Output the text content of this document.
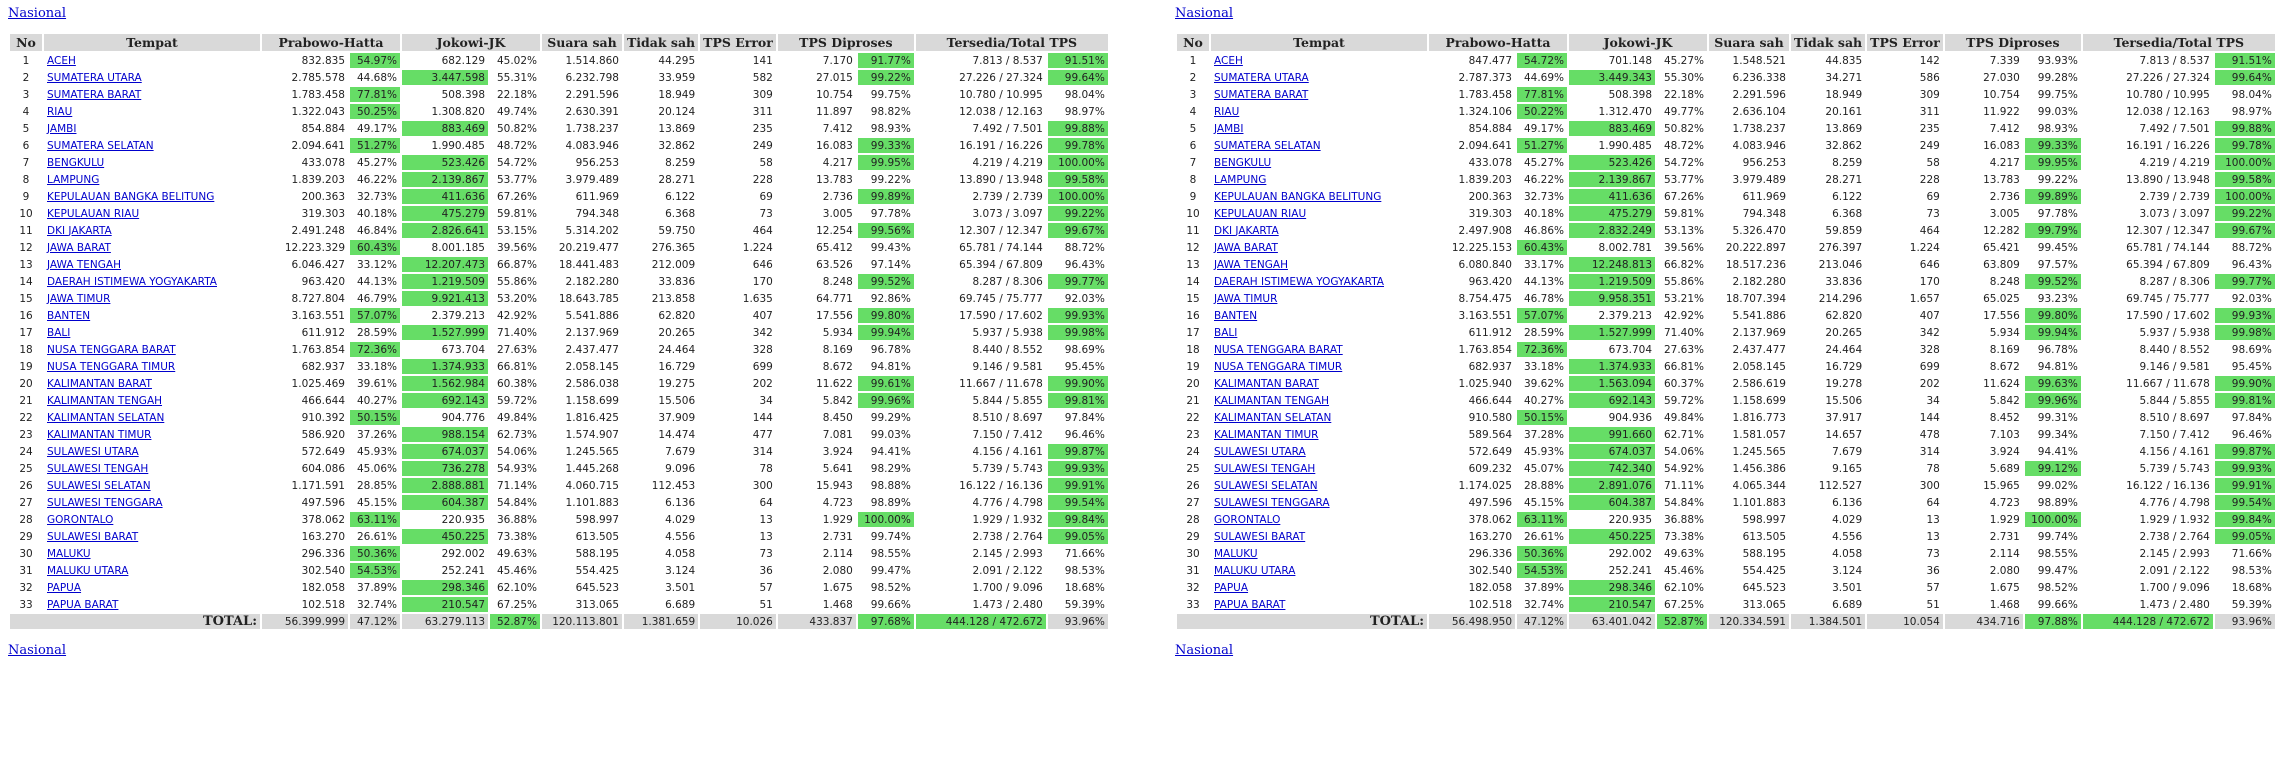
Nasional
No	Tempat	Prabowo-Hatta		Jokowi-JK		Suara sah	Tidak sah	TPS Error	TPS Diproses		Tersedia/Total TPS	
1	ACEH	832.835	54.97%	682.129	45.02%	1.514.860	44.295	141	7.170	91.77%	7.813 / 8.537	91.51%
2	SUMATERA UTARA	2.785.578	44.68%	3.447.598	55.31%	6.232.798	33.959	582	27.015	99.22%	27.226 / 27.324	99.64%
3	SUMATERA BARAT	1.783.458	77.81%	508.398	22.18%	2.291.596	18.949	309	10.754	99.75%	10.780 / 10.995	98.04%
4	RIAU	1.322.043	50.25%	1.308.820	49.74%	2.630.391	20.124	311	11.897	98.82%	12.038 / 12.163	98.97%
5	JAMBI	854.884	49.17%	883.469	50.82%	1.738.237	13.869	235	7.412	98.93%	7.492 / 7.501	99.88%
6	SUMATERA SELATAN	2.094.641	51.27%	1.990.485	48.72%	4.083.946	32.862	249	16.083	99.33%	16.191 / 16.226	99.78%
7	BENGKULU	433.078	45.27%	523.426	54.72%	956.253	8.259	58	4.217	99.95%	4.219 / 4.219	100.00%
8	LAMPUNG	1.839.203	46.22%	2.139.867	53.77%	3.979.489	28.271	228	13.783	99.22%	13.890 / 13.948	99.58%
9	KEPULAUAN BANGKA BELITUNG	200.363	32.73%	411.636	67.26%	611.969	6.122	69	2.736	99.89%	2.739 / 2.739	100.00%
10	KEPULAUAN RIAU	319.303	40.18%	475.279	59.81%	794.348	6.368	73	3.005	97.78%	3.073 / 3.097	99.22%
11	DKI JAKARTA	2.491.248	46.84%	2.826.641	53.15%	5.314.202	59.750	464	12.254	99.56%	12.307 / 12.347	99.67%
12	JAWA BARAT	12.223.329	60.43%	8.001.185	39.56%	20.219.477	276.365	1.224	65.412	99.43%	65.781 / 74.144	88.72%
13	JAWA TENGAH	6.046.427	33.12%	12.207.473	66.87%	18.441.483	212.009	646	63.526	97.14%	65.394 / 67.809	96.43%
14	DAERAH ISTIMEWA YOGYAKARTA	963.420	44.13%	1.219.509	55.86%	2.182.280	33.836	170	8.248	99.52%	8.287 / 8.306	99.77%
15	JAWA TIMUR	8.727.804	46.79%	9.921.413	53.20%	18.643.785	213.858	1.635	64.771	92.86%	69.745 / 75.777	92.03%
16	BANTEN	3.163.551	57.07%	2.379.213	42.92%	5.541.886	62.820	407	17.556	99.80%	17.590 / 17.602	99.93%
17	BALI	611.912	28.59%	1.527.999	71.40%	2.137.969	20.265	342	5.934	99.94%	5.937 / 5.938	99.98%
18	NUSA TENGGARA BARAT	1.763.854	72.36%	673.704	27.63%	2.437.477	24.464	328	8.169	96.78%	8.440 / 8.552	98.69%
19	NUSA TENGGARA TIMUR	682.937	33.18%	1.374.933	66.81%	2.058.145	16.729	699	8.672	94.81%	9.146 / 9.581	95.45%
20	KALIMANTAN BARAT	1.025.469	39.61%	1.562.984	60.38%	2.586.038	19.275	202	11.622	99.61%	11.667 / 11.678	99.90%
21	KALIMANTAN TENGAH	466.644	40.27%	692.143	59.72%	1.158.699	15.506	34	5.842	99.96%	5.844 / 5.855	99.81%
22	KALIMANTAN SELATAN	910.392	50.15%	904.776	49.84%	1.816.425	37.909	144	8.450	99.29%	8.510 / 8.697	97.84%
23	KALIMANTAN TIMUR	586.920	37.26%	988.154	62.73%	1.574.907	14.474	477	7.081	99.03%	7.150 / 7.412	96.46%
24	SULAWESI UTARA	572.649	45.93%	674.037	54.06%	1.245.565	7.679	314	3.924	94.41%	4.156 / 4.161	99.87%
25	SULAWESI TENGAH	604.086	45.06%	736.278	54.93%	1.445.268	9.096	78	5.641	98.29%	5.739 / 5.743	99.93%
26	SULAWESI SELATAN	1.171.591	28.85%	2.888.881	71.14%	4.060.715	112.453	300	15.943	98.88%	16.122 / 16.136	99.91%
27	SULAWESI TENGGARA	497.596	45.15%	604.387	54.84%	1.101.883	6.136	64	4.723	98.89%	4.776 / 4.798	99.54%
28	GORONTALO	378.062	63.11%	220.935	36.88%	598.997	4.029	13	1.929	100.00%	1.929 / 1.932	99.84%
29	SULAWESI BARAT	163.270	26.61%	450.225	73.38%	613.505	4.556	13	2.731	99.74%	2.738 / 2.764	99.05%
30	MALUKU	296.336	50.36%	292.002	49.63%	588.195	4.058	73	2.114	98.55%	2.145 / 2.993	71.66%
31	MALUKU UTARA	302.540	54.53%	252.241	45.46%	554.425	3.124	36	2.080	99.47%	2.091 / 2.122	98.53%
32	PAPUA	182.058	37.89%	298.346	62.10%	645.523	3.501	57	1.675	98.52%	1.700 / 9.096	18.68%
33	PAPUA BARAT	102.518	32.74%	210.547	67.25%	313.065	6.689	51	1.468	99.66%	1.473 / 2.480	59.39%
TOTAL:		56.399.999	47.12%	63.279.113	52.87%	120.113.801	1.381.659	10.026	433.837	97.68%	444.128 / 472.672	93.96%
Nasional
Nasional
No	Tempat	Prabowo-Hatta		Jokowi-JK		Suara sah	Tidak sah	TPS Error	TPS Diproses		Tersedia/Total TPS	
1	ACEH	847.477	54.72%	701.148	45.27%	1.548.521	44.835	142	7.339	93.93%	7.813 / 8.537	91.51%
2	SUMATERA UTARA	2.787.373	44.69%	3.449.343	55.30%	6.236.338	34.271	586	27.030	99.28%	27.226 / 27.324	99.64%
3	SUMATERA BARAT	1.783.458	77.81%	508.398	22.18%	2.291.596	18.949	309	10.754	99.75%	10.780 / 10.995	98.04%
4	RIAU	1.324.106	50.22%	1.312.470	49.77%	2.636.104	20.161	311	11.922	99.03%	12.038 / 12.163	98.97%
5	JAMBI	854.884	49.17%	883.469	50.82%	1.738.237	13.869	235	7.412	98.93%	7.492 / 7.501	99.88%
6	SUMATERA SELATAN	2.094.641	51.27%	1.990.485	48.72%	4.083.946	32.862	249	16.083	99.33%	16.191 / 16.226	99.78%
7	BENGKULU	433.078	45.27%	523.426	54.72%	956.253	8.259	58	4.217	99.95%	4.219 / 4.219	100.00%
8	LAMPUNG	1.839.203	46.22%	2.139.867	53.77%	3.979.489	28.271	228	13.783	99.22%	13.890 / 13.948	99.58%
9	KEPULAUAN BANGKA BELITUNG	200.363	32.73%	411.636	67.26%	611.969	6.122	69	2.736	99.89%	2.739 / 2.739	100.00%
10	KEPULAUAN RIAU	319.303	40.18%	475.279	59.81%	794.348	6.368	73	3.005	97.78%	3.073 / 3.097	99.22%
11	DKI JAKARTA	2.497.908	46.86%	2.832.249	53.13%	5.326.470	59.859	464	12.282	99.79%	12.307 / 12.347	99.67%
12	JAWA BARAT	12.225.153	60.43%	8.002.781	39.56%	20.222.897	276.397	1.224	65.421	99.45%	65.781 / 74.144	88.72%
13	JAWA TENGAH	6.080.840	33.17%	12.248.813	66.82%	18.517.236	213.046	646	63.809	97.57%	65.394 / 67.809	96.43%
14	DAERAH ISTIMEWA YOGYAKARTA	963.420	44.13%	1.219.509	55.86%	2.182.280	33.836	170	8.248	99.52%	8.287 / 8.306	99.77%
15	JAWA TIMUR	8.754.475	46.78%	9.958.351	53.21%	18.707.394	214.296	1.657	65.025	93.23%	69.745 / 75.777	92.03%
16	BANTEN	3.163.551	57.07%	2.379.213	42.92%	5.541.886	62.820	407	17.556	99.80%	17.590 / 17.602	99.93%
17	BALI	611.912	28.59%	1.527.999	71.40%	2.137.969	20.265	342	5.934	99.94%	5.937 / 5.938	99.98%
18	NUSA TENGGARA BARAT	1.763.854	72.36%	673.704	27.63%	2.437.477	24.464	328	8.169	96.78%	8.440 / 8.552	98.69%
19	NUSA TENGGARA TIMUR	682.937	33.18%	1.374.933	66.81%	2.058.145	16.729	699	8.672	94.81%	9.146 / 9.581	95.45%
20	KALIMANTAN BARAT	1.025.940	39.62%	1.563.094	60.37%	2.586.619	19.278	202	11.624	99.63%	11.667 / 11.678	99.90%
21	KALIMANTAN TENGAH	466.644	40.27%	692.143	59.72%	1.158.699	15.506	34	5.842	99.96%	5.844 / 5.855	99.81%
22	KALIMANTAN SELATAN	910.580	50.15%	904.936	49.84%	1.816.773	37.917	144	8.452	99.31%	8.510 / 8.697	97.84%
23	KALIMANTAN TIMUR	589.564	37.28%	991.660	62.71%	1.581.057	14.657	478	7.103	99.34%	7.150 / 7.412	96.46%
24	SULAWESI UTARA	572.649	45.93%	674.037	54.06%	1.245.565	7.679	314	3.924	94.41%	4.156 / 4.161	99.87%
25	SULAWESI TENGAH	609.232	45.07%	742.340	54.92%	1.456.386	9.165	78	5.689	99.12%	5.739 / 5.743	99.93%
26	SULAWESI SELATAN	1.174.025	28.88%	2.891.076	71.11%	4.065.344	112.527	300	15.965	99.02%	16.122 / 16.136	99.91%
27	SULAWESI TENGGARA	497.596	45.15%	604.387	54.84%	1.101.883	6.136	64	4.723	98.89%	4.776 / 4.798	99.54%
28	GORONTALO	378.062	63.11%	220.935	36.88%	598.997	4.029	13	1.929	100.00%	1.929 / 1.932	99.84%
29	SULAWESI BARAT	163.270	26.61%	450.225	73.38%	613.505	4.556	13	2.731	99.74%	2.738 / 2.764	99.05%
30	MALUKU	296.336	50.36%	292.002	49.63%	588.195	4.058	73	2.114	98.55%	2.145 / 2.993	71.66%
31	MALUKU UTARA	302.540	54.53%	252.241	45.46%	554.425	3.124	36	2.080	99.47%	2.091 / 2.122	98.53%
32	PAPUA	182.058	37.89%	298.346	62.10%	645.523	3.501	57	1.675	98.52%	1.700 / 9.096	18.68%
33	PAPUA BARAT	102.518	32.74%	210.547	67.25%	313.065	6.689	51	1.468	99.66%	1.473 / 2.480	59.39%
TOTAL:		56.498.950	47.12%	63.401.042	52.87%	120.334.591	1.384.501	10.054	434.716	97.88%	444.128 / 472.672	93.96%
Nasional
